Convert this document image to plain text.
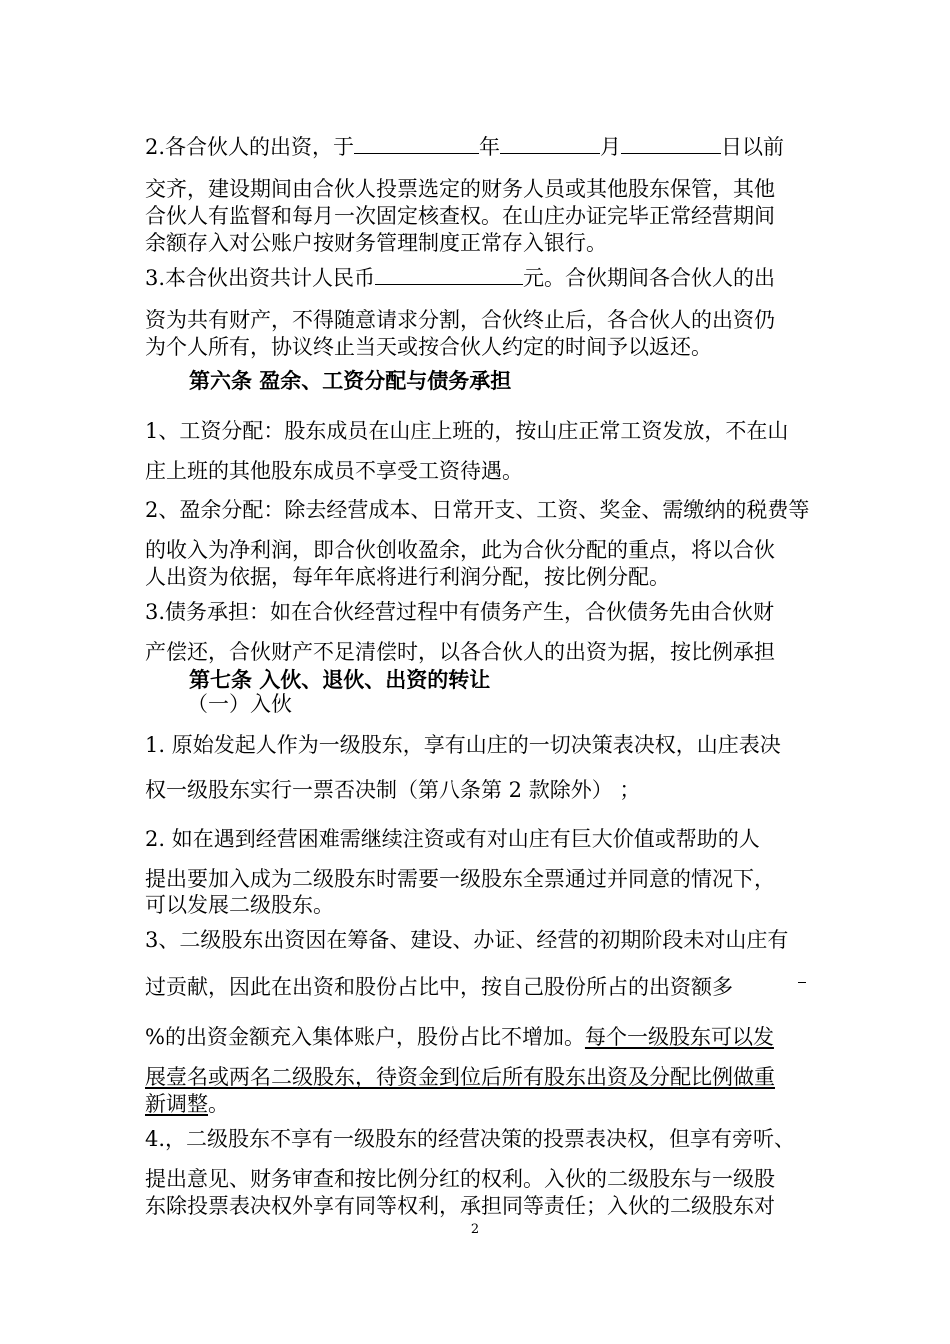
2.各合伙人的出资，于	年	月	日以前
交齐，建设期间由合伙人投票选定的财务人员或其他股东保管，其他
合伙人有监督和每月一次固定核查权。在山庄办证完毕正常经营期间
余额存入对公账户按财务管理制度正常存入银行。
3.本合伙出资共计人民币	元。合伙期间各合伙人的出
资为共有财产，不得随意请求分割，合伙终止后，各合伙人的出资仍
为个人所有，协议终止当天或按合伙人约定的时间予以返还。
第六条 盈余、工资分配与债务承担
1、工资分配：股东成员在山庄上班的，按山庄正常工资发放，不在山
庄上班的其他股东成员不享受工资待遇。
2、盈余分配：除去经营成本、日常开支、工资、奖金、需缴纳的税费等
的收入为净利润，即合伙创收盈余，此为合伙分配的重点，将以合伙
人出资为依据，每年年底将进行利润分配，按比例分配。
3.债务承担：如在合伙经营过程中有债务产生，合伙债务先由合伙财
产偿还，合伙财产不足清偿时，以各合伙人的出资为据，按比例承担
第七条 入伙、退伙、出资的转让
（一）入伙
1. 原始发起人作为一级股东，享有山庄的一切决策表决权，山庄表决
权一级股东实行一票否决制（第八条第 2 款除外） ；
2. 如在遇到经营困难需继续注资或有对山庄有巨大价值或帮助的人
提出要加入成为二级股东时需要一级股东全票通过并同意的情况下，
可以发展二级股东。
3、二级股东出资因在筹备、建设、办证、经营的初期阶段未对山庄有
过贡献，因此在出资和股份占比中，按自己股份所占的出资额多
%的出资金额充入集体账户，股份占比不增加。每个一级股东可以发
展壹名或两名二级股东，待资金到位后所有股东出资及分配比例做重
新调整。
4.，二级股东不享有一级股东的经营决策的投票表决权，但享有旁听、
提出意见、财务审查和按比例分红的权利。入伙的二级股东与一级股
东除投票表决权外享有同等权利，承担同等责任；入伙的二级股东对
2
